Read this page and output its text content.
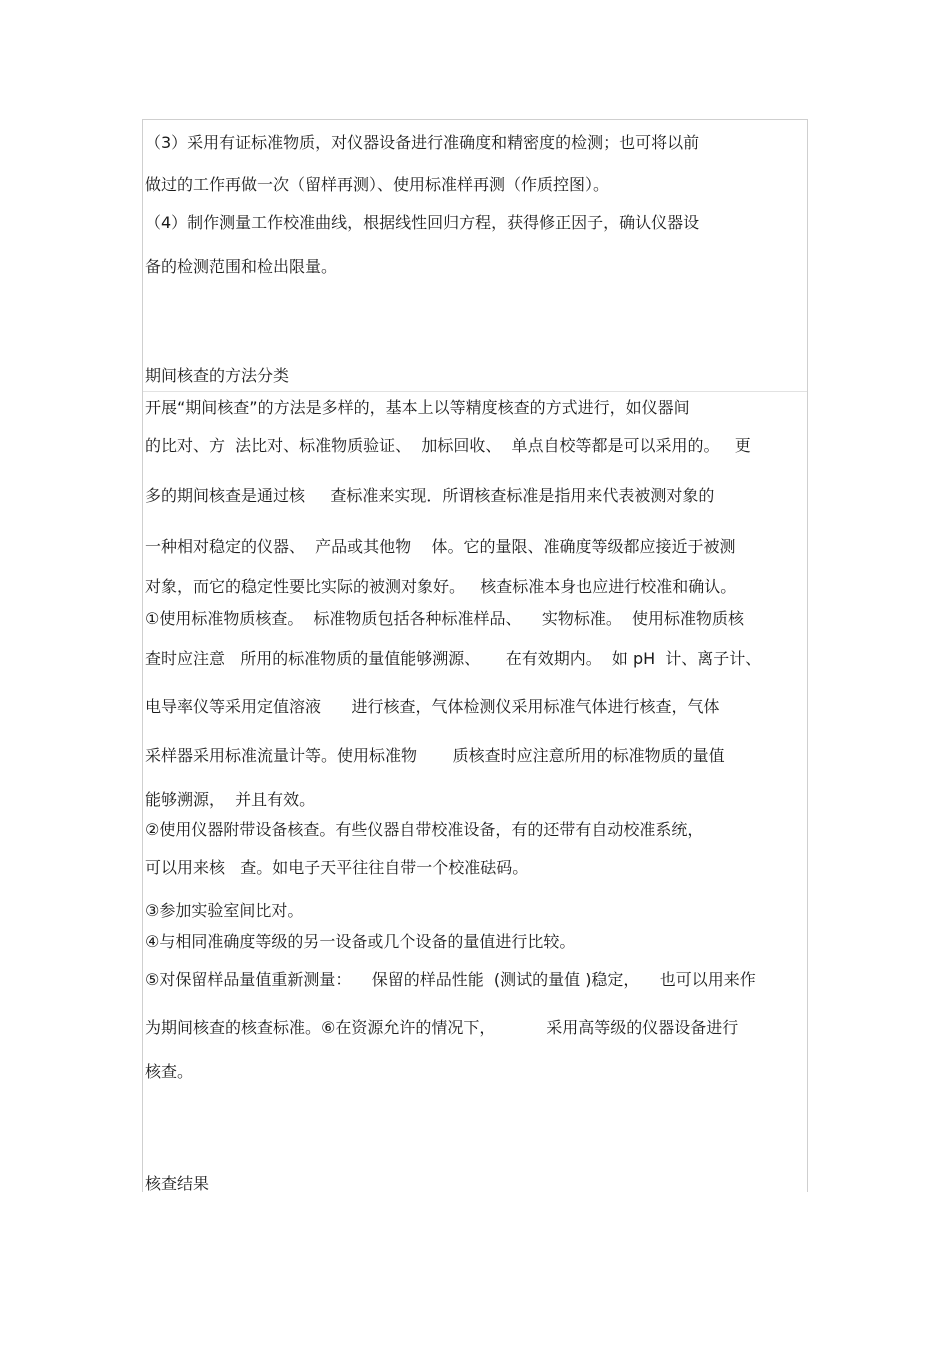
（3）采用有证标准物质，对仪器设备进行准确度和精密度的检测；也可将以前

做过的工作再做一次（留样再测）、使用标准样再测（作质控图）。

（4）制作测量工作校准曲线，根据线性回归方程，获得修正因子，确认仪器设

备的检测范围和检出限量。

期间核查的方法分类

开展“期间核查”的方法是多样的，基本上以等精度核查的方式进行，如仪器间

的比对、方  法比对、标准物质验证、  加标回收、  单点自校等都是可以采用的。   更

多的期间核查是通过核     查标准来实现．所谓核查标准是指用来代表被测对象的

一种相对稳定的仪器、  产品或其他物    体。它的量限、准确度等级都应接近于被测

对象，而它的稳定性要比实际的被测对象好。   核查标准本身也应进行校准和确认。

①使用标准物质核查。  标准物质包括各种标准样品、    实物标准。  使用标准物质核

查时应注意   所用的标准物质的量值能够溯源、     在有效期内。  如 pH  计、离子计、

电导率仪等采用定值溶液      进行核查，气体检测仪采用标准气体进行核查，气体

采样器采用标准流量计等。使用标准物       质核查时应注意所用的标准物质的量值

能够溯源，  并且有效。

②使用仪器附带设备核查。有些仪器自带校准设备，有的还带有自动校准系统，

可以用来核   查。如电子天平往往自带一个校准砝码。

③参加实验室间比对。

④与相同准确度等级的另一设备或几个设备的量值进行比较。

⑤对保留样品量值重新测量：    保留的样品性能  (测试的量值 )稳定，    也可以用来作

为期间核查的核查标准。⑥在资源允许的情况下，          采用高等级的仪器设备进行

核查。

核查结果
